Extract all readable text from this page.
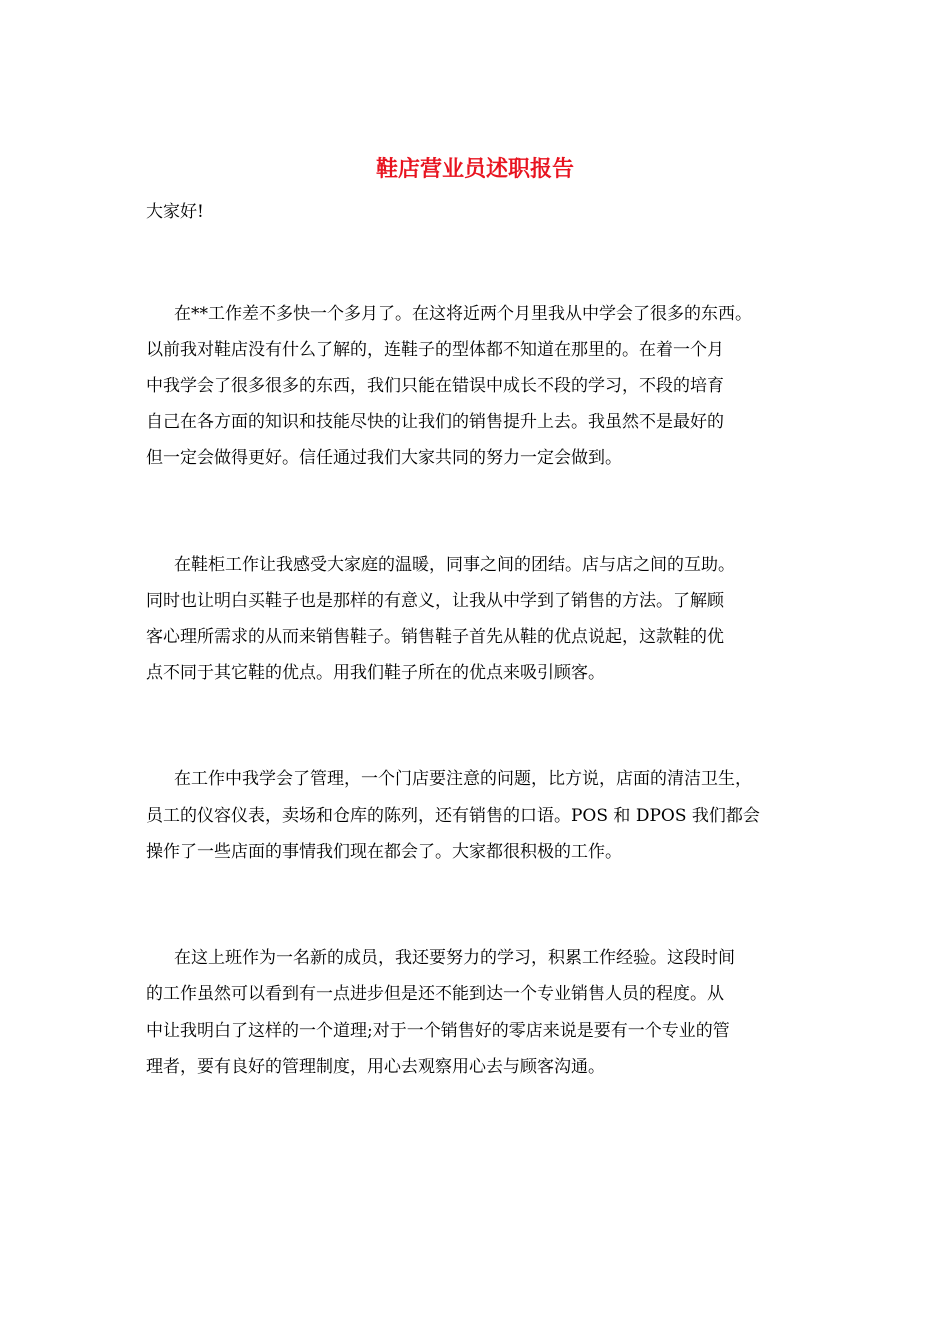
鞋店营业员述职报告
大家好!
在**工作差不多快一个多月了。在这将近两个月里我从中学会了很多的东西。
以前我对鞋店没有什么了解的，连鞋子的型体都不知道在那里的。在着一个月
中我学会了很多很多的东西，我们只能在错误中成长不段的学习，不段的培育
自己在各方面的知识和技能尽快的让我们的销售提升上去。我虽然不是最好的
但一定会做得更好。信任通过我们大家共同的努力一定会做到。
在鞋柜工作让我感受大家庭的温暖，同事之间的团结。店与店之间的互助。
同时也让明白买鞋子也是那样的有意义，让我从中学到了销售的方法。了解顾
客心理所需求的从而来销售鞋子。销售鞋子首先从鞋的优点说起，这款鞋的优
点不同于其它鞋的优点。用我们鞋子所在的优点来吸引顾客。
在工作中我学会了管理，一个门店要注意的问题，比方说，店面的清洁卫生，
员工的仪容仪表，卖场和仓库的陈列，还有销售的口语。POS 和 DPOS 我们都会
操作了一些店面的事情我们现在都会了。大家都很积极的工作。
在这上班作为一名新的成员，我还要努力的学习，积累工作经验。这段时间
的工作虽然可以看到有一点进步但是还不能到达一个专业销售人员的程度。从
中让我明白了这样的一个道理;对于一个销售好的零店来说是要有一个专业的管
理者，要有良好的管理制度，用心去观察用心去与顾客沟通。
